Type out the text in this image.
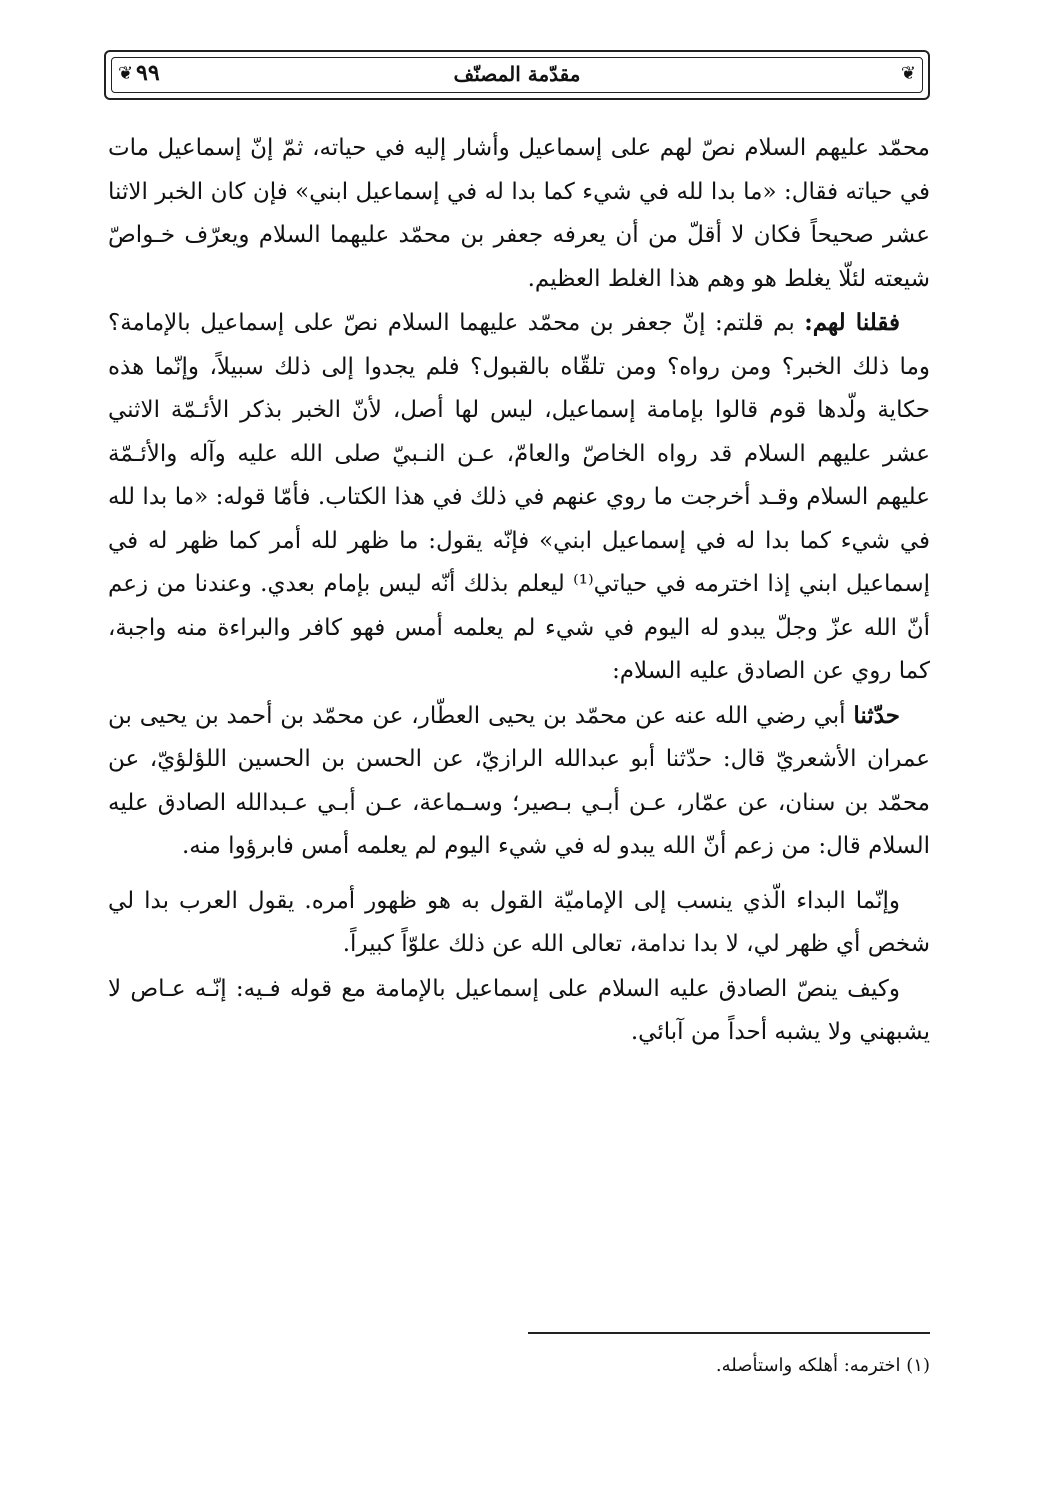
❦
٩٩	مقدّمة المصنّف
❦

محمّد عليهم السلام نصّ لهم على إسماعيل وأشار إليه في حياته، ثمّ إنّ إسماعيل مات في حياته فقال: «ما بدا لله في شيء كما بدا له في إسماعيل ابني» فإن كان الخبر الاثنا عشر صحيحاً فكان لا أقلّ من أن يعرفه جعفر بن محمّد عليهما السلام ويعرّف خـواصّ شيعته لئلّا يغلط هو وهم هذا الغلط العظيم.

فقلنا لهم: بم قلتم: إنّ جعفر بن محمّد عليهما السلام نصّ على إسماعيل بالإمامة؟ وما ذلك الخبر؟ ومن رواه؟ ومن تلقّاه بالقبول؟ فلم يجدوا إلى ذلك سبيلاً، وإنّما هذه حكاية ولّدها قوم قالوا بإمامة إسماعيل، ليس لها أصل، لأنّ الخبر بذكر الأئـمّة الاثني عشر عليهم السلام قد رواه الخاصّ والعامّ، عـن النـبيّ صلى الله عليه وآله والأئـمّة عليهم السلام وقـد أخرجت ما روي عنهم في ذلك في هذا الكتاب. فأمّا قوله: «ما بدا لله في شيء كما بدا له في إسماعيل ابني» فإنّه يقول: ما ظهر لله أمر كما ظهر له في إسماعيل ابني إذا اخترمه في حياتي⁽¹⁾ ليعلم بذلك أنّه ليس بإمام بعدي. وعندنا من زعم أنّ الله عزّ وجلّ يبدو له اليوم في شيء لم يعلمه أمس فهو كافر والبراءة منه واجبة، كما روي عن الصادق عليه السلام:

حدّثنا أبي رضي الله عنه عن محمّد بن يحيى العطّار، عن محمّد بن أحمد بن يحيى بن عمران الأشعريّ قال: حدّثنا أبو عبدالله الرازيّ، عن الحسن بن الحسين اللؤلؤيّ، عن محمّد بن سنان، عن عمّار، عـن أبـي بـصير؛ وسـماعة، عـن أبـي عـبدالله الصادق عليه السلام قال: من زعم أنّ الله يبدو له في شيء اليوم لم يعلمه أمس فابرؤوا منه.

وإنّما البداء الّذي ينسب إلى الإماميّة القول به هو ظهور أمره. يقول العرب بدا لي شخص أي ظهر لي، لا بدا ندامة، تعالى الله عن ذلك علوّاً كبيراً.

وكيف ينصّ الصادق عليه السلام على إسماعيل بالإمامة مع قوله فـيه: إنّـه عـاص لا يشبهني ولا يشبه أحداً من آبائي.

(١) اخترمه: أهلكه واستأصله.
